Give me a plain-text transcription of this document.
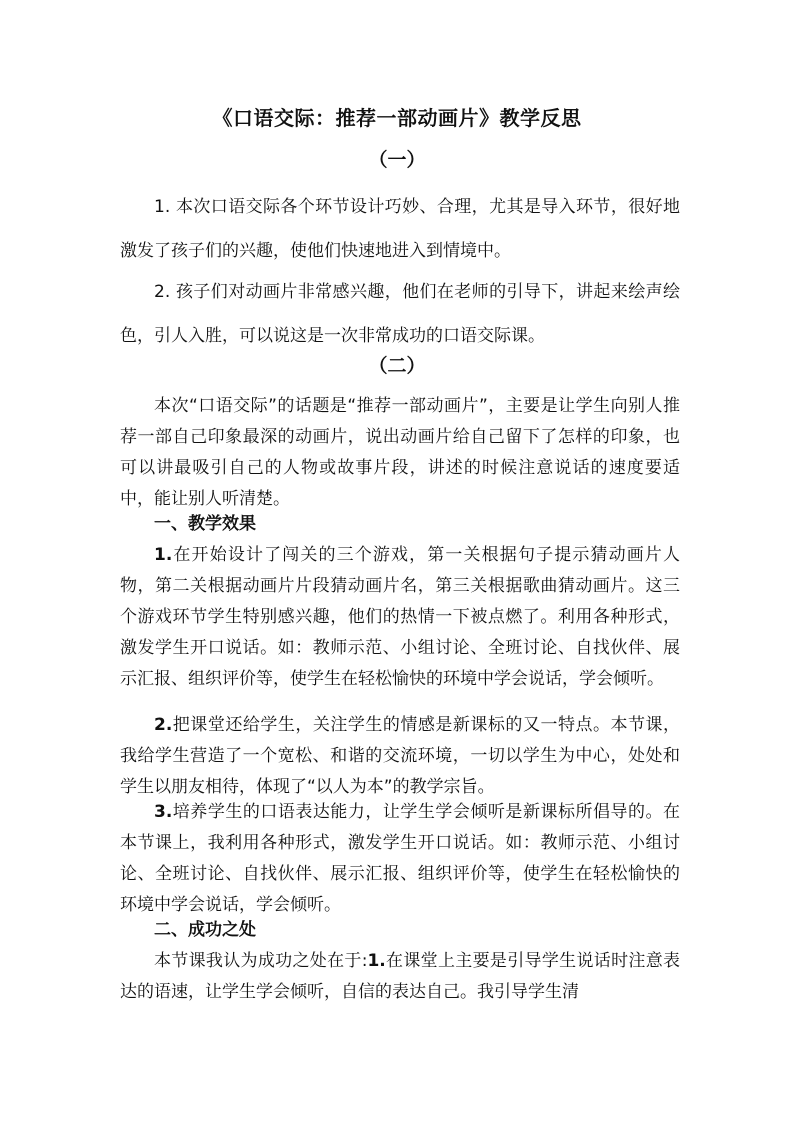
《口语交际：推荐一部动画片》教学反思
（一）

1. 本次口语交际各个环节设计巧妙、合理，尤其是导入环节，很好地激发了孩子们的兴趣，使他们快速地进入到情境中。

2. 孩子们对动画片非常感兴趣，他们在老师的引导下，讲起来绘声绘色，引人入胜，可以说这是一次非常成功的口语交际课。

（二）

本次“口语交际”的话题是“推荐一部动画片”，主要是让学生向别人推荐一部自己印象最深的动画片，说出动画片给自己留下了怎样的印象，也可以讲最吸引自己的人物或故事片段，讲述的时候注意说话的速度要适中，能让别人听清楚。

一、教学效果

1.在开始设计了闯关的三个游戏，第一关根据句子提示猜动画片人物，第二关根据动画片片段猜动画片名，第三关根据歌曲猜动画片。这三个游戏环节学生特别感兴趣，他们的热情一下被点燃了。利用各种形式，激发学生开口说话。如：教师示范、小组讨论、全班讨论、自找伙伴、展示汇报、组织评价等，使学生在轻松愉快的环境中学会说话，学会倾听。

2.把课堂还给学生，关注学生的情感是新课标的又一特点。本节课，我给学生营造了一个宽松、和谐的交流环境，一切以学生为中心，处处和学生以朋友相待，体现了“以人为本”的教学宗旨。

3.培养学生的口语表达能力，让学生学会倾听是新课标所倡导的。在本节课上，我利用各种形式，激发学生开口说话。如：教师示范、小组讨论、全班讨论、自找伙伴、展示汇报、组织评价等，使学生在轻松愉快的环境中学会说话，学会倾听。

二、成功之处

本节课我认为成功之处在于:1.在课堂上主要是引导学生说话时注意表达的语速，让学生学会倾听，自信的表达自己。我引导学生清
